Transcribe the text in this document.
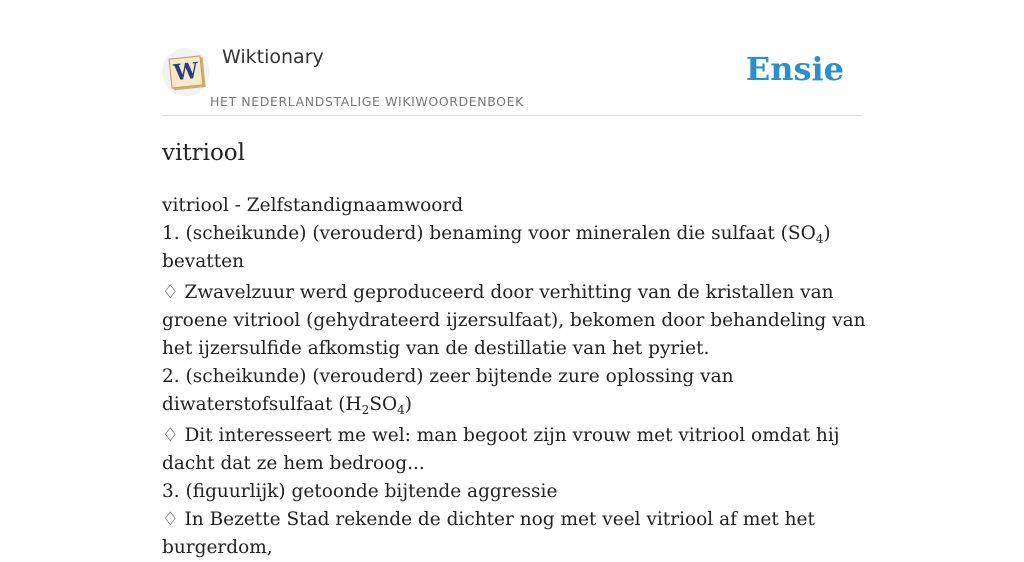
W
Wiktionary
HET NEDERLANDSTALIGE WIKIWOORDENBOEK
Ensie
vitriool

vitriool - Zelfstandignaamwoord

1. (scheikunde) (verouderd) benaming voor mineralen die sulfaat $(SO_4)$ bevatten

♢ Zwavelzuur werd geproduceerd door verhitting van de kristallen van groene vitriool (gehydrateerd ijzersulfaat), bekomen door behandeling van het ijzersulfide afkomstig van de destillatie van het pyriet.

2. (scheikunde) (verouderd) zeer bijtende zure oplossing van diwaterstofsulfaat $(H_2SO_4)$

♢ Dit interesseert me wel: man begoot zijn vrouw met vitriool omdat hij dacht dat ze hem bedroog...

3. (figuurlijk) getoonde bijtende aggressie

♢ In Bezette Stad rekende de dichter nog met veel vitriool af met het burgerdom,
